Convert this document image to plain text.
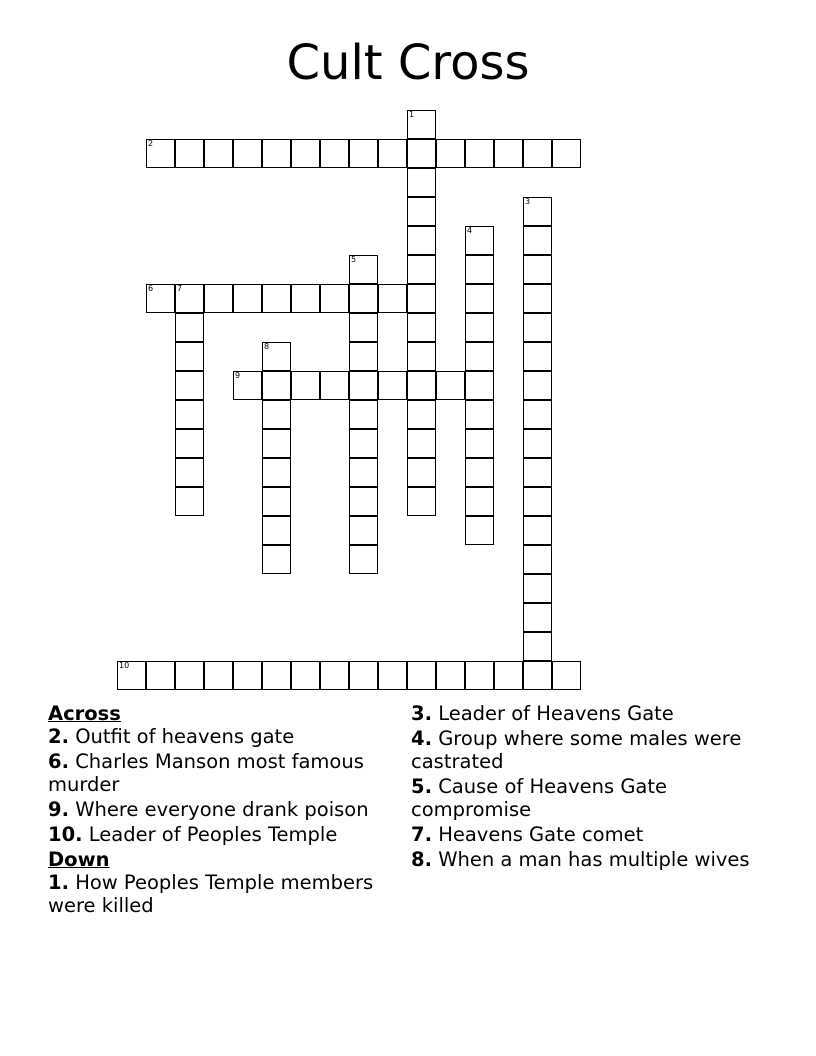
Cult Cross
1
2
3
4
5
6	7
8
9
10
Across
2. Outfit of heavens gate
6. Charles Manson most famous murder
9. Where everyone drank poison
10. Leader of Peoples Temple
Down
1. How Peoples Temple members were killed
3. Leader of Heavens Gate
4. Group where some males were castrated
5. Cause of Heavens Gate compromise
7. Heavens Gate comet
8. When a man has multiple wives
